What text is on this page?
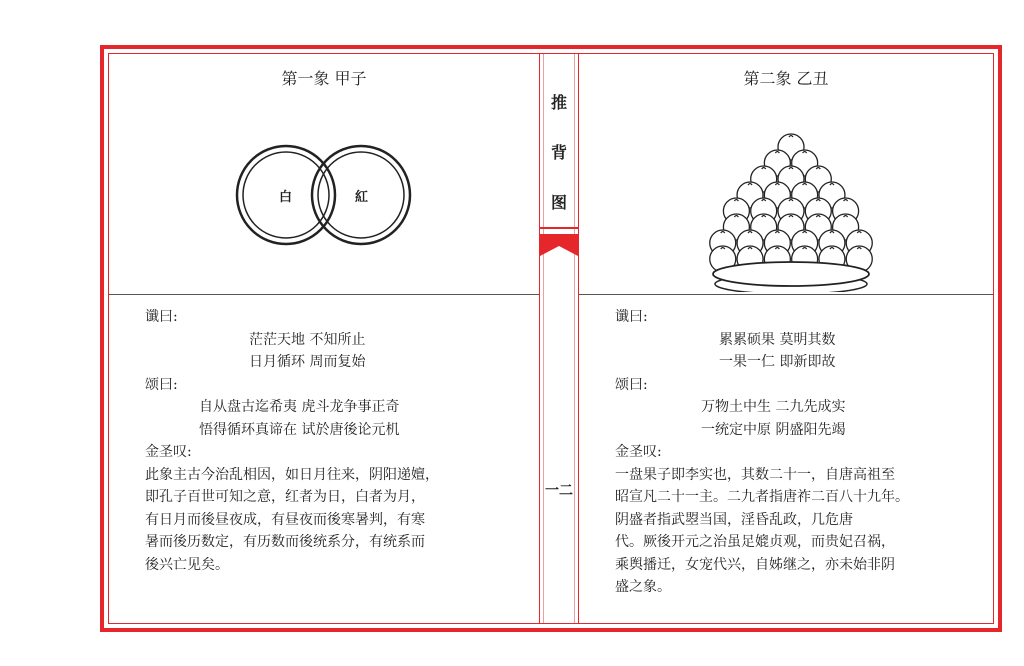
第一象 甲子
白	紅
谶曰:
茫茫天地 不知所止
日月循环 周而复始
颂曰:
自从盘古迄希夷 虎斗龙争事正奇
悟得循环真谛在 试於唐後论元机
金圣叹:
此象主古今治乱相因，如日月往来，阴阳递嬗，
即孔子百世可知之意，红者为日，白者为月，
有日月而後昼夜成，有昼夜而後寒暑判，有寒
暑而後历数定，有历数而後统系分，有统系而
後兴亡见矣。
推
背
图
一二
第二象 乙丑
谶曰:
累累硕果 莫明其数
一果一仁 即新即故
颂曰:
万物土中生 二九先成实
一统定中原 阴盛阳先竭
金圣叹:
一盘果子即李实也，其数二十一，自唐高祖至
昭宣凡二十一主。二九者指唐祚二百八十九年。
阴盛者指武曌当国，淫昏乱政，几危唐
代。厥後开元之治虽足媲贞观，而贵妃召祸，
乘舆播迁，女宠代兴，自姊继之，亦未始非阴
盛之象。
